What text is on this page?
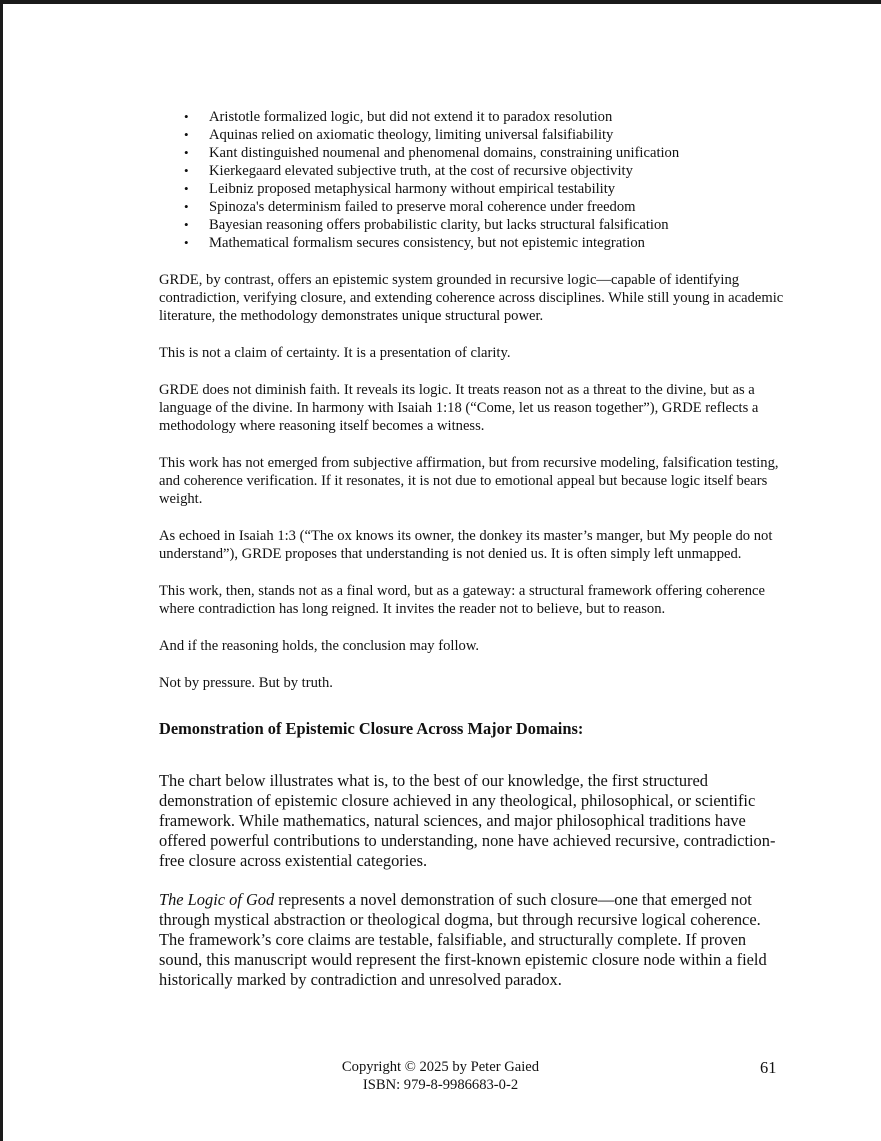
• Aristotle formalized logic, but did not extend it to paradox resolution
• Aquinas relied on axiomatic theology, limiting universal falsifiability
• Kant distinguished noumenal and phenomenal domains, constraining unification
• Kierkegaard elevated subjective truth, at the cost of recursive objectivity
• Leibniz proposed metaphysical harmony without empirical testability
• Spinoza's determinism failed to preserve moral coherence under freedom
• Bayesian reasoning offers probabilistic clarity, but lacks structural falsification
• Mathematical formalism secures consistency, but not epistemic integration

GRDE, by contrast, offers an epistemic system grounded in recursive logic—capable of identifying contradiction, verifying closure, and extending coherence across disciplines. While still young in academic literature, the methodology demonstrates unique structural power.

This is not a claim of certainty. It is a presentation of clarity.

GRDE does not diminish faith. It reveals its logic. It treats reason not as a threat to the divine, but as a language of the divine. In harmony with Isaiah 1:18 (“Come, let us reason together”), GRDE reflects a methodology where reasoning itself becomes a witness.

This work has not emerged from subjective affirmation, but from recursive modeling, falsification testing, and coherence verification. If it resonates, it is not due to emotional appeal but because logic itself bears weight.

As echoed in Isaiah 1:3 (“The ox knows its owner, the donkey its master’s manger, but My people do not understand”), GRDE proposes that understanding is not denied us. It is often simply left unmapped.

This work, then, stands not as a final word, but as a gateway: a structural framework offering coherence where contradiction has long reigned. It invites the reader not to believe, but to reason.

And if the reasoning holds, the conclusion may follow.

Not by pressure. But by truth.

Demonstration of Epistemic Closure Across Major Domains:

The chart below illustrates what is, to the best of our knowledge, the first structured demonstration of epistemic closure achieved in any theological, philosophical, or scientific framework. While mathematics, natural sciences, and major philosophical traditions have offered powerful contributions to understanding, none have achieved recursive, contradiction-free closure across existential categories.

The Logic of God represents a novel demonstration of such closure—one that emerged not through mystical abstraction or theological dogma, but through recursive logical coherence. The framework’s core claims are testable, falsifiable, and structurally complete. If proven sound, this manuscript would represent the first-known epistemic closure node within a field historically marked by contradiction and unresolved paradox.

Copyright © 2025 by Peter Gaied
ISBN: 979-8-9986683-0-2
61
